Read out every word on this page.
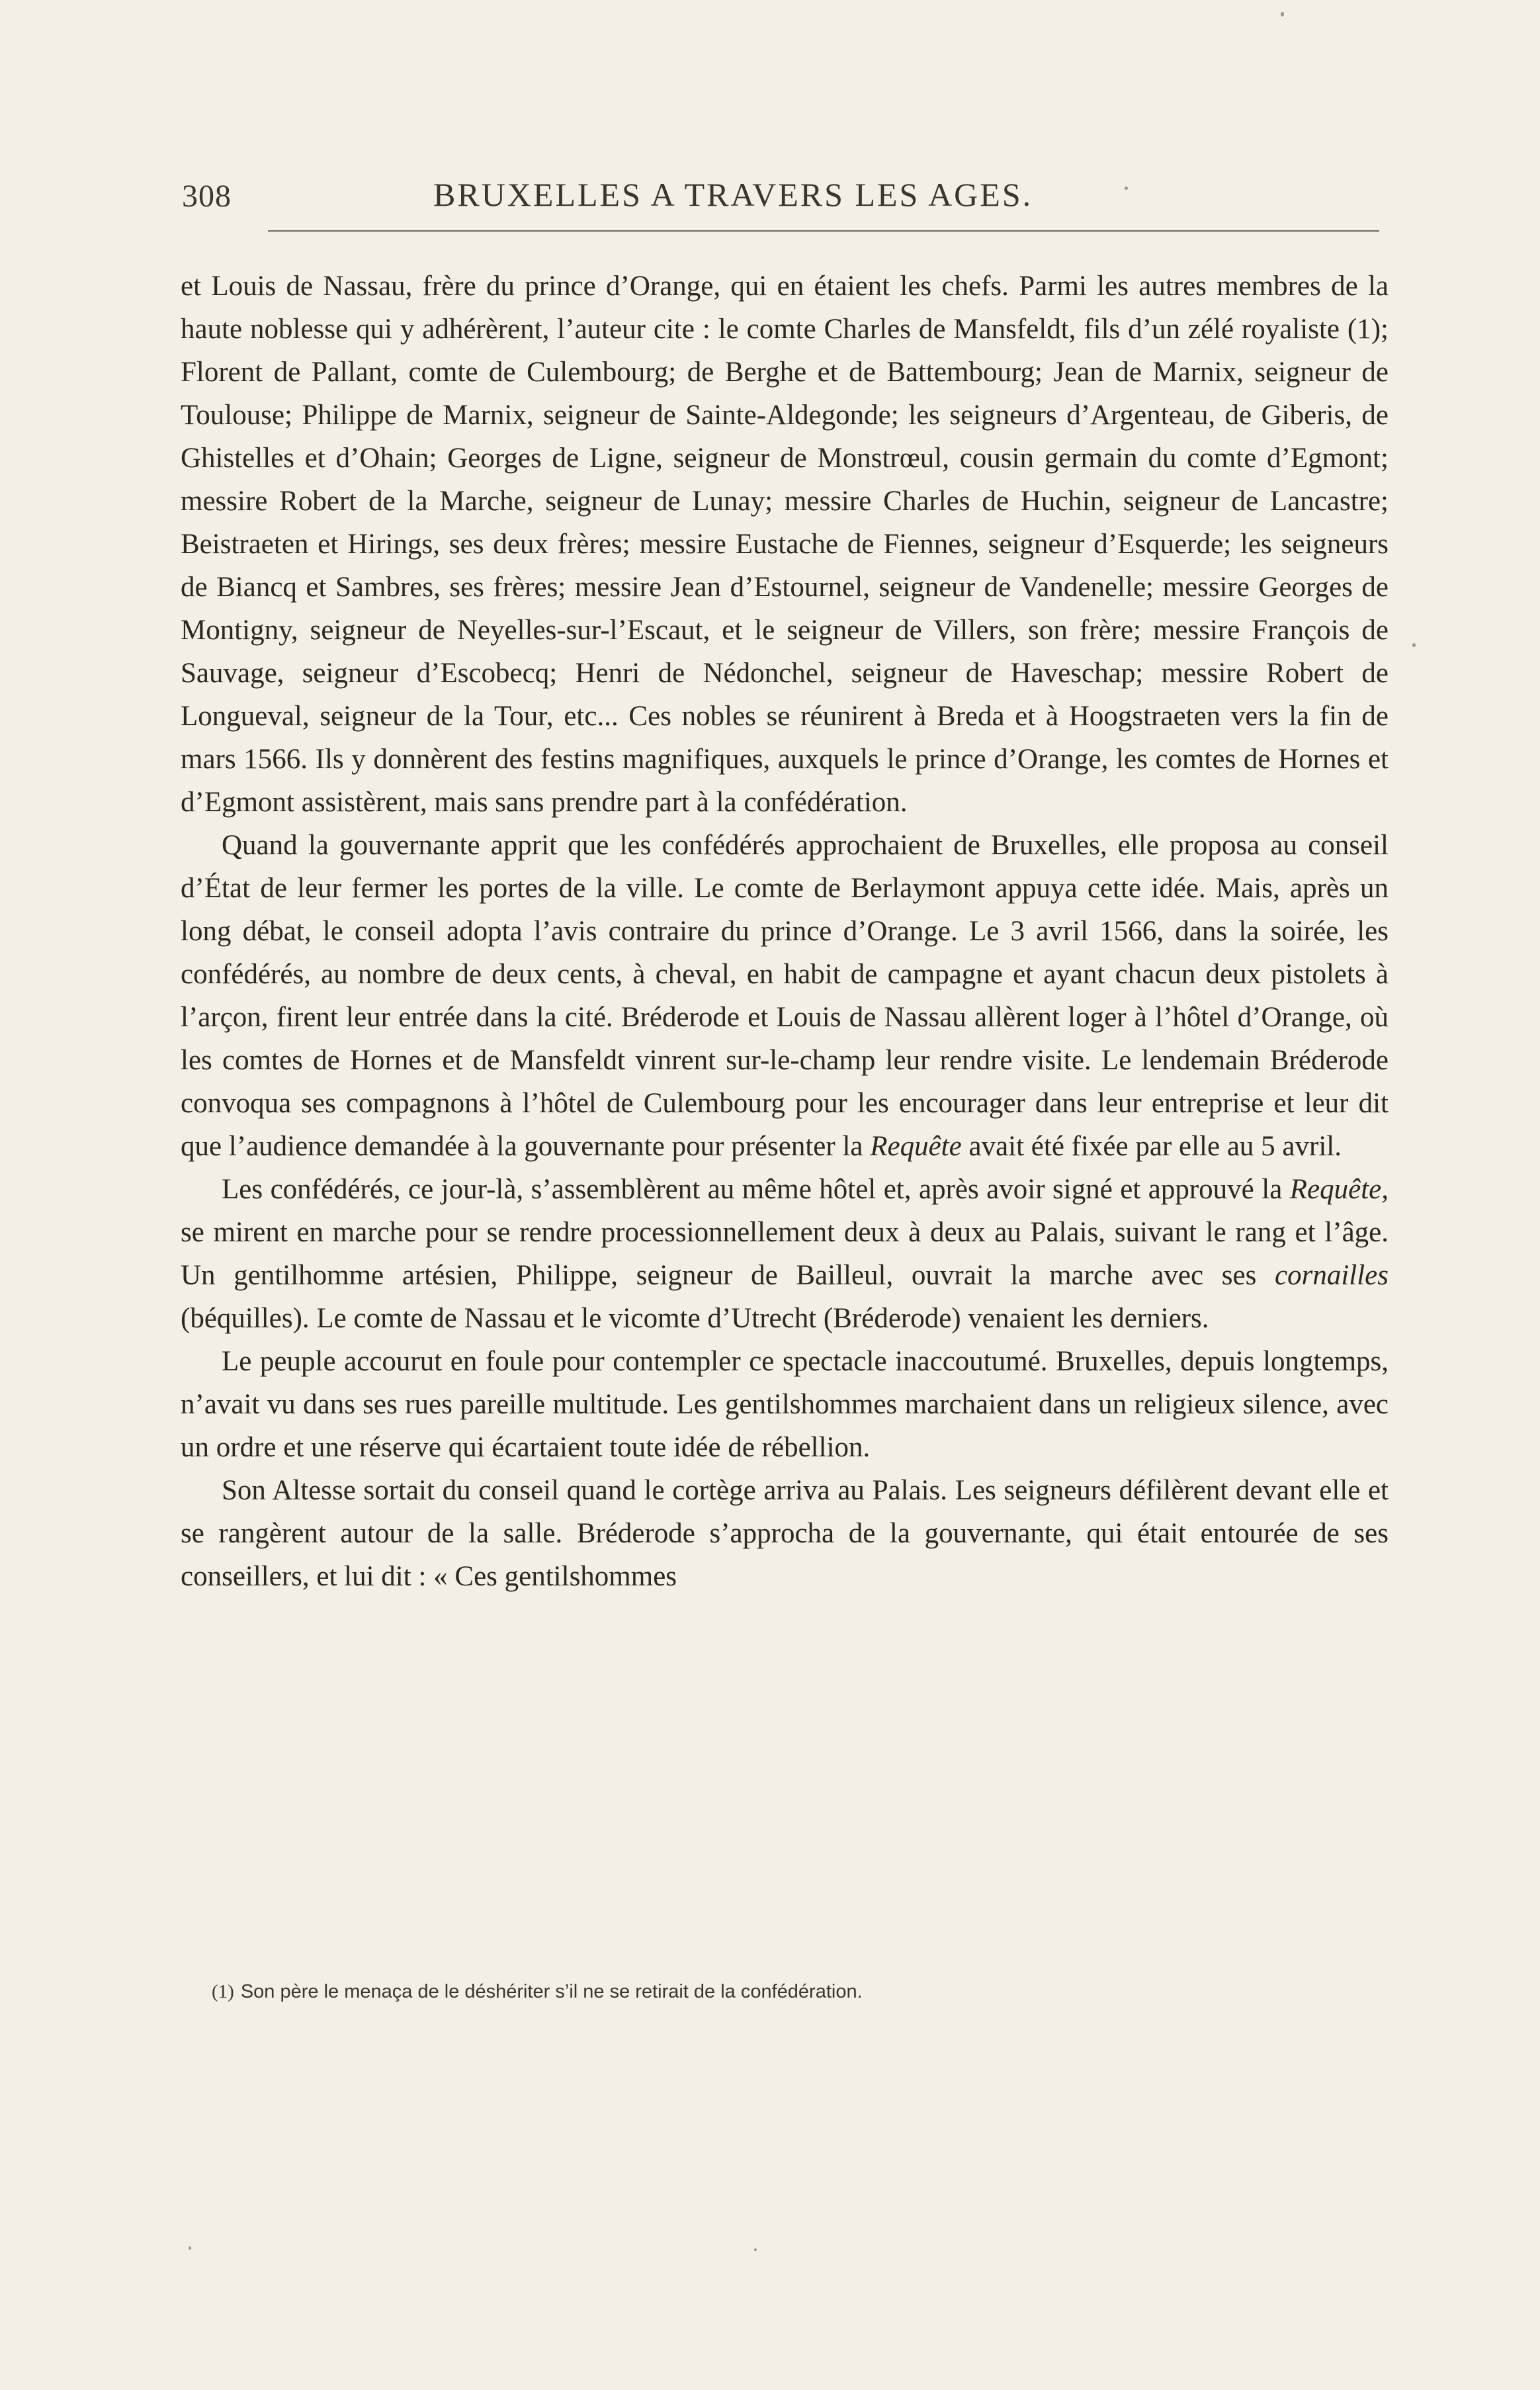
308	BRUXELLES A TRAVERS LES AGES.

et Louis de Nassau, frère du prince d’Orange, qui en étaient les chefs. Parmi les autres membres de la haute noblesse qui y adhérèrent, l’auteur cite : le comte Charles de Mansfeldt, fils d’un zélé royaliste (1); Florent de Pallant, comte de Culembourg; de Berghe et de Battembourg; Jean de Marnix, seigneur de Toulouse; Philippe de Marnix, seigneur de Sainte-Aldegonde; les seigneurs d’Argenteau, de Giberis, de Ghistelles et d’Ohain; Georges de Ligne, seigneur de Monstrœul, cousin germain du comte d’Egmont; messire Robert de la Marche, seigneur de Lunay; messire Charles de Huchin, seigneur de Lancastre; Beistraeten et Hirings, ses deux frères; messire Eustache de Fiennes, seigneur d’Esquerde; les seigneurs de Biancq et Sambres, ses frères; messire Jean d’Estournel, seigneur de Vandenelle; messire Georges de Montigny, seigneur de Neyelles-sur-l’Escaut, et le seigneur de Villers, son frère; messire François de Sauvage, seigneur d’Escobecq; Henri de Nédonchel, seigneur de Haveschap; messire Robert de Longueval, seigneur de la Tour, etc... Ces nobles se réunirent à Breda et à Hoogstraeten vers la fin de mars 1566. Ils y donnèrent des festins magnifiques, auxquels le prince d’Orange, les comtes de Hornes et d’Egmont assistèrent, mais sans prendre part à la confédération.

Quand la gouvernante apprit que les confédérés approchaient de Bruxelles, elle proposa au conseil d’État de leur fermer les portes de la ville. Le comte de Berlaymont appuya cette idée. Mais, après un long débat, le conseil adopta l’avis contraire du prince d’Orange. Le 3 avril 1566, dans la soirée, les confédérés, au nombre de deux cents, à cheval, en habit de campagne et ayant chacun deux pistolets à l’arçon, firent leur entrée dans la cité. Bréderode et Louis de Nassau allèrent loger à l’hôtel d’Orange, où les comtes de Hornes et de Mansfeldt vinrent sur-le-champ leur rendre visite. Le lendemain Bréderode convoqua ses compagnons à l’hôtel de Culembourg pour les encourager dans leur entreprise et leur dit que l’audience demandée à la gouvernante pour présenter la Requête avait été fixée par elle au 5 avril.

Les confédérés, ce jour-là, s’assemblèrent au même hôtel et, après avoir signé et approuvé la Requête, se mirent en marche pour se rendre processionnellement deux à deux au Palais, suivant le rang et l’âge. Un gentilhomme artésien, Philippe, seigneur de Bailleul, ouvrait la marche avec ses cornailles (béquilles). Le comte de Nassau et le vicomte d’Utrecht (Bréderode) venaient les derniers.

Le peuple accourut en foule pour contempler ce spectacle inaccoutumé. Bruxelles, depuis longtemps, n’avait vu dans ses rues pareille multitude. Les gentilshommes marchaient dans un religieux silence, avec un ordre et une réserve qui écartaient toute idée de rébellion.

Son Altesse sortait du conseil quand le cortège arriva au Palais. Les seigneurs défilèrent devant elle et se rangèrent autour de la salle. Bréderode s’approcha de la gouvernante, qui était entourée de ses conseillers, et lui dit : « Ces gentilshommes

(1) Son père le menaça de le déshériter s’il ne se retirait de la confédération.
